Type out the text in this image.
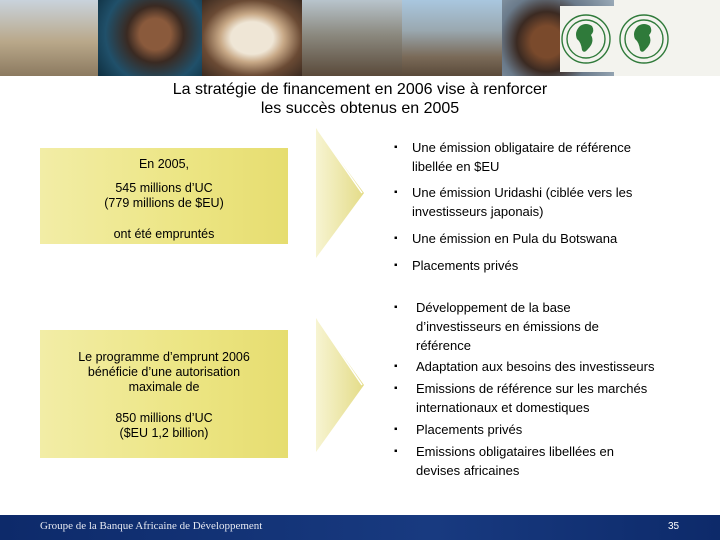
La stratégie de financement en 2006 vise à renforcer
les succès obtenus en 2005
En 2005,
545 millions d’UC
(779 millions de $EU)
ont été empruntés
Le programme d’emprunt 2006
bénéficie d’une autorisation
maximale de
850 millions d’UC
($EU 1,2 billion)
▪ Une émission obligataire de référence
libellée en $EU
▪ Une émission Uridashi (ciblée vers les
investisseurs japonais)
▪ Une émission en Pula du Botswana
▪ Placements privés
▪ Développement de la base
d’investisseurs en émissions de
référence
▪ Adaptation aux besoins des investisseurs
▪ Emissions de référence sur les marchés
internationaux et domestiques
▪ Placements privés
▪ Emissions obligataires libellées en
devises africaines
Groupe de la Banque Africaine de Développement	35
